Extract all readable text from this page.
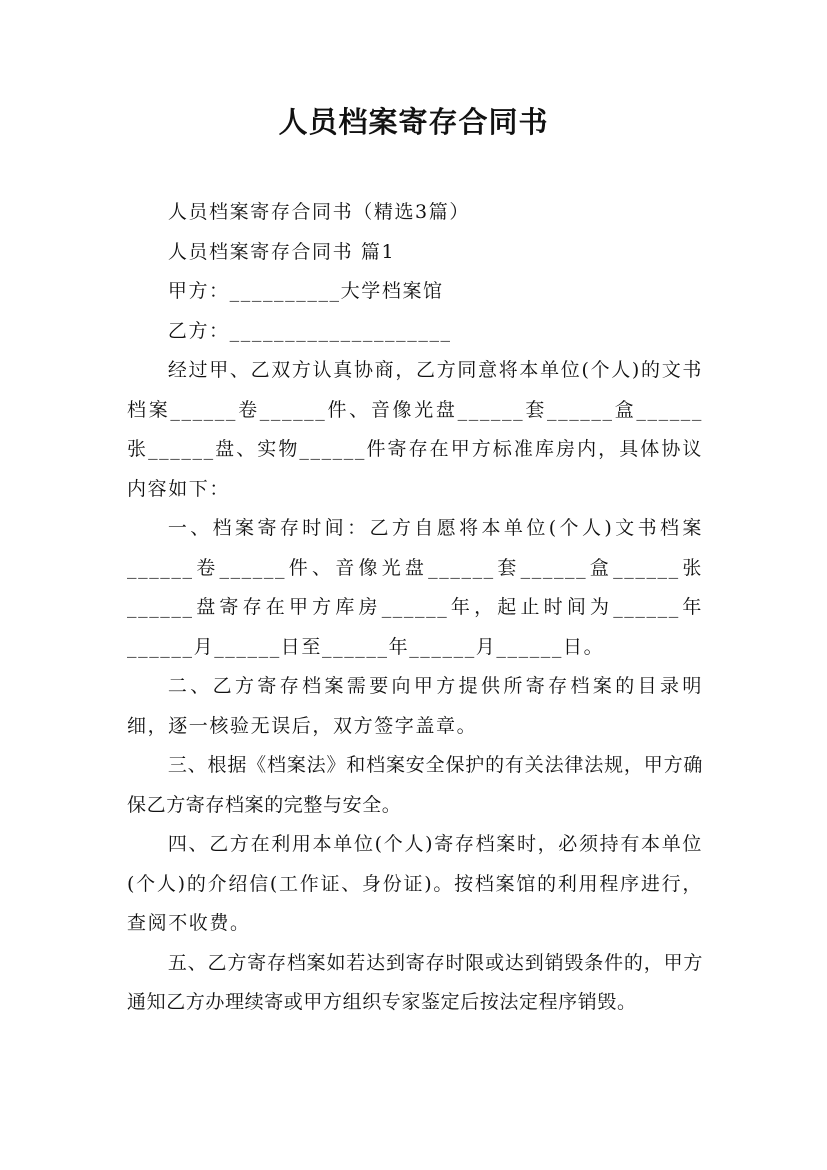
人员档案寄存合同书

人员档案寄存合同书（精选3篇）

人员档案寄存合同书 篇1

甲方：__________大学档案馆

乙方：____________________

经过甲、乙双方认真协商，乙方同意将本单位(个人)的文书档案______卷______件、音像光盘______套______盒______张______盘、实物______件寄存在甲方标准库房内，具体协议内容如下：

一、档案寄存时间：乙方自愿将本单位(个人)文书档案______卷______件、音像光盘______套______盒______张______盘寄存在甲方库房______年，起止时间为______年______月______日至______年______月______日。

二、乙方寄存档案需要向甲方提供所寄存档案的目录明细，逐一核验无误后，双方签字盖章。

三、根据《档案法》和档案安全保护的有关法律法规，甲方确保乙方寄存档案的完整与安全。

四、乙方在利用本单位(个人)寄存档案时，必须持有本单位(个人)的介绍信(工作证、身份证)。按档案馆的利用程序进行，查阅不收费。

五、乙方寄存档案如若达到寄存时限或达到销毁条件的，甲方通知乙方办理续寄或甲方组织专家鉴定后按法定程序销毁。
